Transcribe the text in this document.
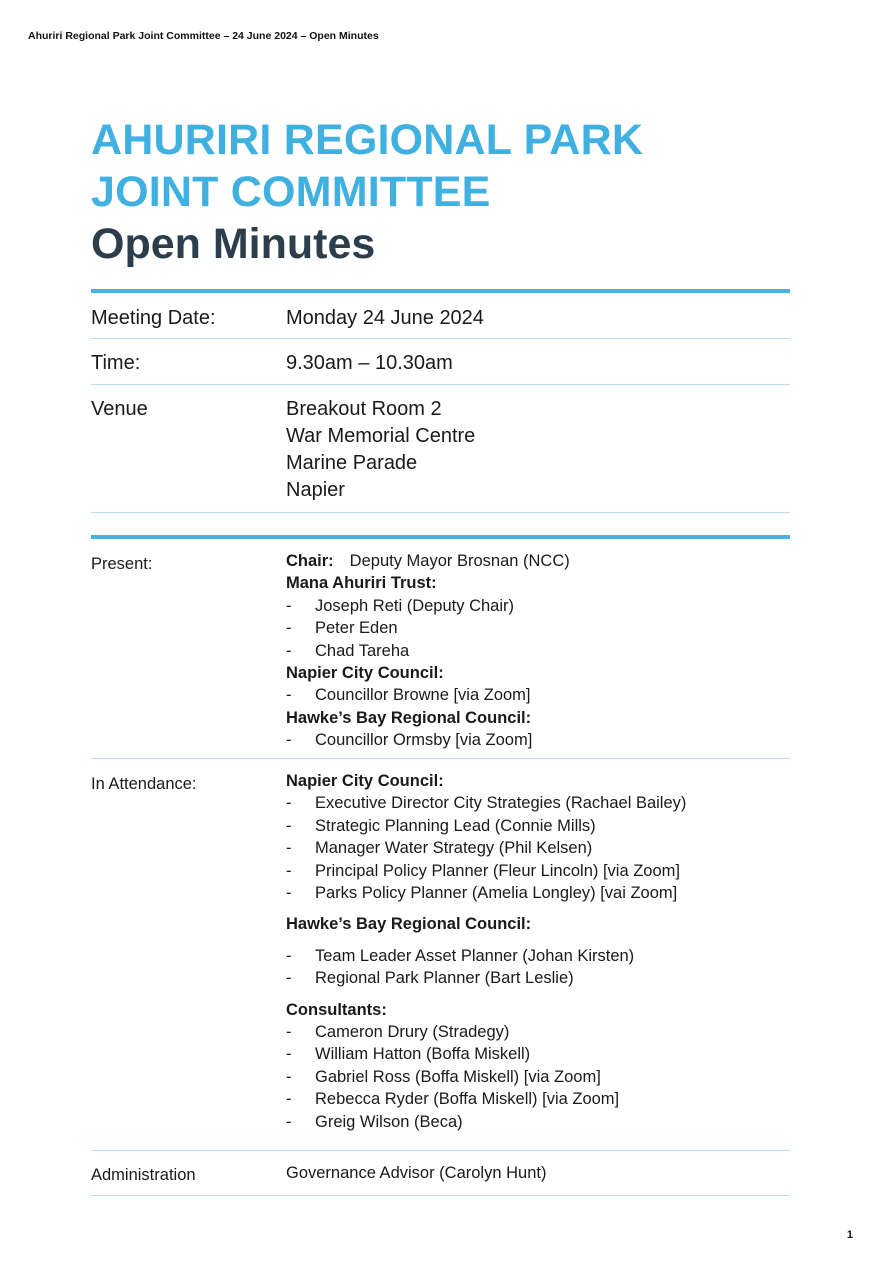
Ahuriri Regional Park Joint Committee – 24 June 2024 – Open Minutes
AHURIRI REGIONAL PARK
JOINT COMMITTEE
Open Minutes
Meeting Date:	Monday 24 June 2024
Time:	9.30am – 10.30am
Venue	Breakout Room 2
War Memorial Centre
Marine Parade
Napier
Present:	Chair: Deputy Mayor Brosnan (NCC)
Mana Ahuriri Trust:
-	Joseph Reti (Deputy Chair)
-	Peter Eden
-	Chad Tareha
Napier City Council:
-	Councillor Browne [via Zoom]
Hawke’s Bay Regional Council:
-	Councillor Ormsby [via Zoom]
In Attendance:	Napier City Council:
-	Executive Director City Strategies (Rachael Bailey)
-	Strategic Planning Lead (Connie Mills)
-	Manager Water Strategy (Phil Kelsen)
-	Principal Policy Planner (Fleur Lincoln) [via Zoom]
-	Parks Policy Planner (Amelia Longley) [vai Zoom]
Hawke’s Bay Regional Council:
-	Team Leader Asset Planner (Johan Kirsten)
-	Regional Park Planner (Bart Leslie)
Consultants:
-	Cameron Drury (Stradegy)
-	William Hatton (Boffa Miskell)
-	Gabriel Ross (Boffa Miskell) [via Zoom]
-	Rebecca Ryder (Boffa Miskell) [via Zoom]
-	Greig Wilson (Beca)
Administration	Governance Advisor (Carolyn Hunt)
1
